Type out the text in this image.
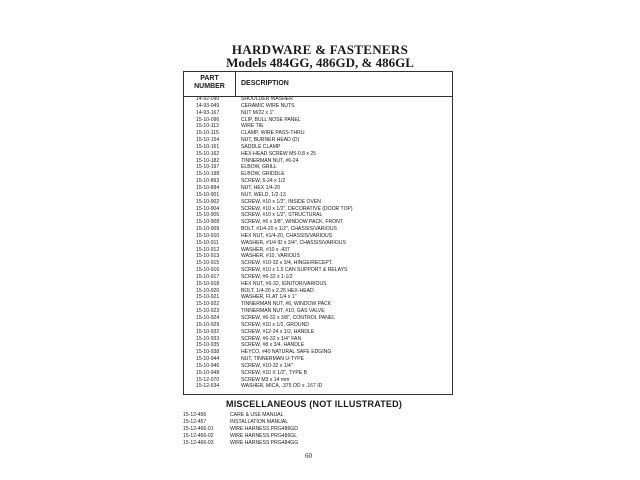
HARDWARE & FASTENERS
Models 484GG, 486GD, & 486GL
PART NUMBER	DESCRIPTION
14-92-090	SHOULDER WASHER
14-93-049	CERAMIC WIRE NUTS
14-93-167	NUT M/22 x 1"
15-10-096	CLIP, BULL NOSE PANEL
15-10-113	WIRE TIE
15-10-115	CLAMP, WIRE PASS-THRU
15-10-154	NUT, BURNER HEAD (D)
15-10-161	SADDLE CLAMP
15-10-162	HEX-HEAD SCREW M5-0.8 x 25
15-10-182	TINNERMAN NUT, #6-24
15-10-197	ELBOW, GRILL
15-10-198	ELBOW, GRIDDLE
15-10-893	SCREW, 6-24 x 1/2
15-10-894	NUT, HEX 1/4-20
15-10-901	NUT, WELD, 1/2-13
15-10-902	SCREW, #10 x 1/2", INSIDE OVEN
15-10-904	SCREW, #10 x 1/2", DECORATIVE (DOOR TOP)
15-10-905	SCREW, #10 x 1/2", STRUCTURAL
15-10-908	SCREW, #6 x 3/8", WINDOW PACK, FRONT
15-10-909	BOLT, #1/4-20 x 1/2", CHASSIS/VARIOUS
15-10-910	HEX NUT, #1/4-20, CHASSIS/VARIOUS
15-10-911	WASHER, #1/4 ID x 3/4", CHASSIS/VARIOUS
15-10-912	WASHER, #10 x .437
15-10-913	WASHER, #10, VARIOUS
15-10-915	SCREW, #10-32 x 3/4, HINGE/RECEPT.
15-10-916	SCREW, #10 x 1.5 CAN SUPPORT & RELAYS
15-10-917	SCREW, #6-32 x 1-1/2
15-10-918	HEX NUT, #6-32, IGNITOR/VARIOUS
15-10-920	BOLT, 1/4-20 x 2.25 HEX-HEAD
15-10-921	WASHER, FLAT 1/4 x 1"
15-10-922	TINNERMAN NUT, #6, WINDOW PACK
15-10-923	TINNERMAN NUT, #10, GAS VALVE
15-10-924	SCREW, #6-32 x 3/8", CONTROL PANEL
15-10-929	SCREW, #10 x 1/2, GROUND
15-10-932	SCREW, #12-24 x 1/2, HANDLE
15-10-933	SCREW, #6-32 x 1/4" FAN
15-10-935	SCREW, #8 x 3/4, HANDLE
15-10-938	HEYCO, #40 NATURAL SAFE EDGING
15-10-944	NUT, TINNERMAN U-TYPE
15-10-946	SCREW, #10-32 x 1/4"
15-10-948	SCREW, #10 X 1/2", TYPE B
15-12-070	SCREW M3 x 14 mm
15-12-634	WASHER, MICA, .375 OD x .167 ID
MISCELLANEOUS (NOT ILLUSTRATED)
15-12-456	CARE & USE MANUAL
15-12-457	INSTALLATION MANUAL
15-12-466-01	WIRE HARNESS PRG486GD
15-12-466-02	WIRE HARNESS PRG486GL
15-12-466-03	WIRE HARNESS PRG484GG
60
